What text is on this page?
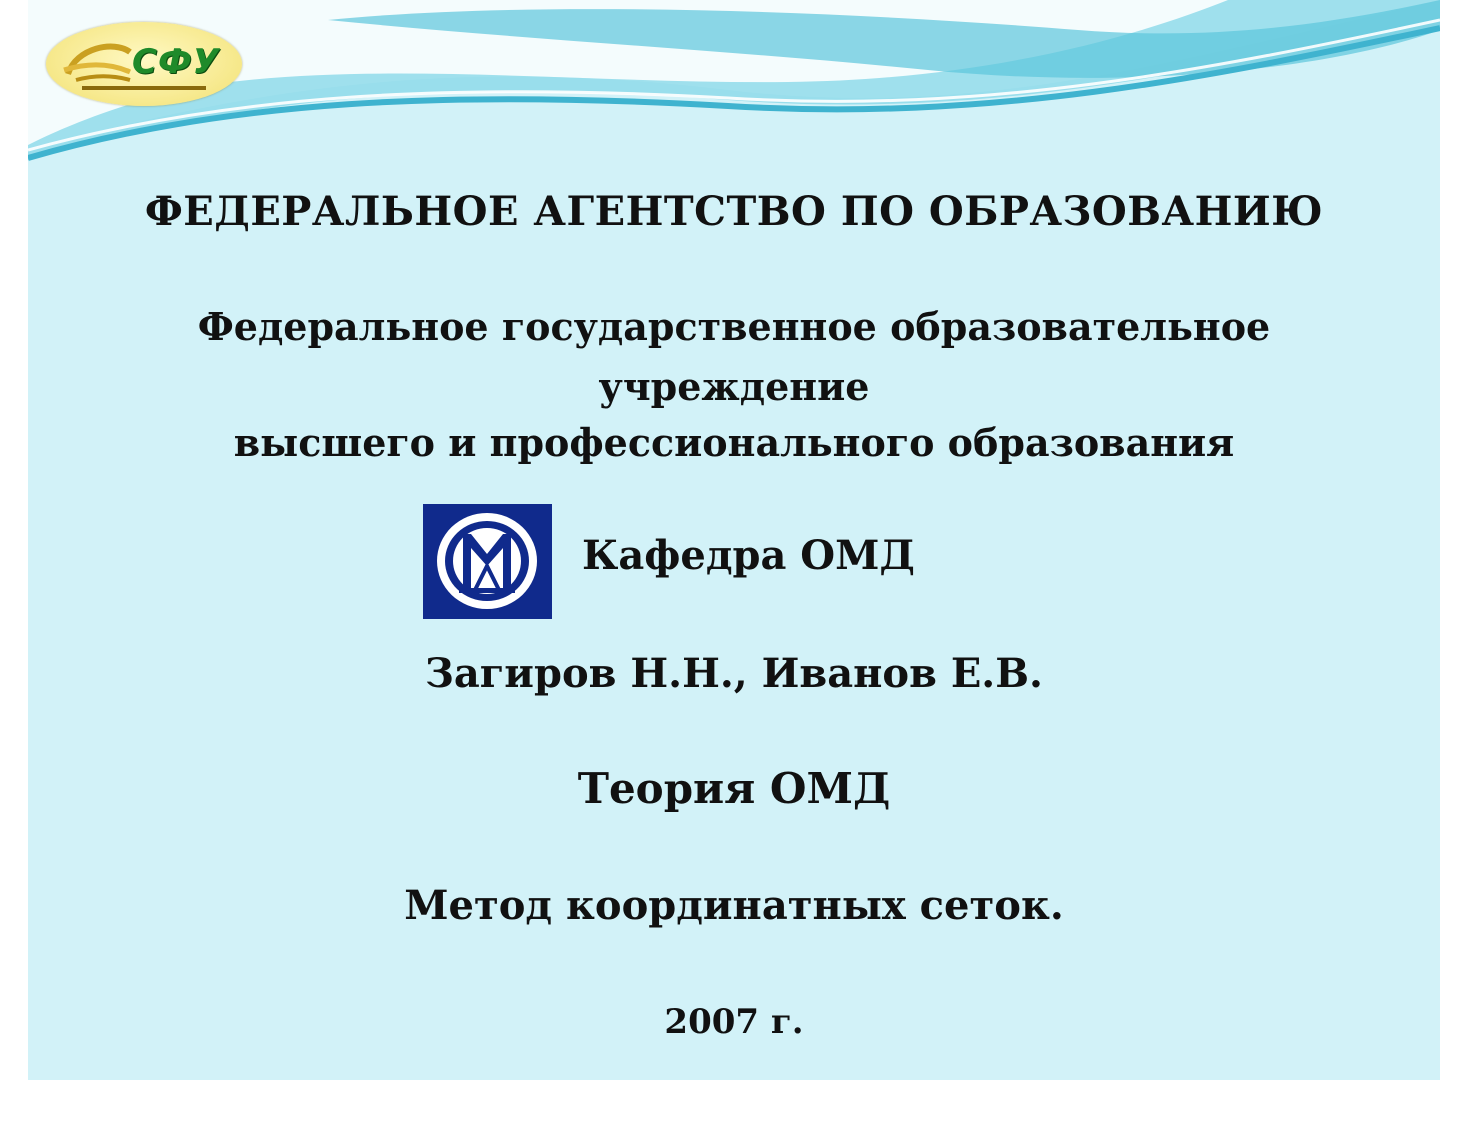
СФУ
ФЕДЕРАЛЬНОЕ АГЕНТСТВО ПО ОБРАЗОВАНИЮ
Федеральное государственное образовательное
учреждение
высшего и профессионального образования
Кафедра ОМД
Загиров Н.Н., Иванов Е.В.
Теория ОМД
Метод координатных сеток.
2007 г.
